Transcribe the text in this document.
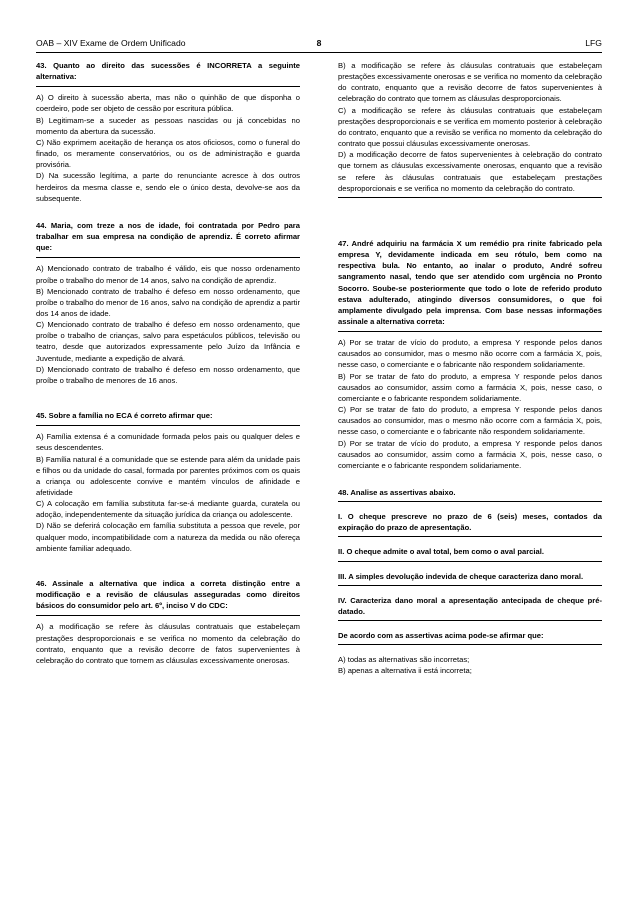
OAB – XIV Exame de Ordem Unificado	8	LFG
43. Quanto ao direito das sucessões é INCORRETA a seguinte alternativa:

A) O direito à sucessão aberta, mas não o quinhão de que disponha o coerdeiro, pode ser objeto de cessão por escritura pública.

B) Legitimam-se a suceder as pessoas nascidas ou já concebidas no momento da abertura da sucessão.

C) Não exprimem aceitação de herança os atos oficiosos, como o funeral do finado, os meramente conservatórios, ou os de administração e guarda provisória.

D) Na sucessão legítima, a parte do renunciante acresce à dos outros herdeiros da mesma classe e, sendo ele o único desta, devolve-se aos da subsequente.

44. Maria, com treze a nos de idade, foi contratada por Pedro para trabalhar em sua empresa na condição de aprendiz. É correto afirmar que:

A) Mencionado contrato de trabalho é válido, eis que nosso ordenamento proíbe o trabalho do menor de 14 anos, salvo na condição de aprendiz.

B) Mencionado contrato de trabalho é defeso em nosso ordenamento, que proíbe o trabalho do menor de 16 anos, salvo na condição de aprendiz a partir dos 14 anos de idade.

C) Mencionado contrato de trabalho é defeso em nosso ordenamento, que proíbe o trabalho de crianças, salvo para espetáculos públicos, televisão ou teatro, desde que autorizados expressamente pelo Juízo da Infância e Juventude, mediante a expedição de alvará.

D) Mencionado contrato de trabalho é defeso em nosso ordenamento, que proíbe o trabalho de menores de 16 anos.

45. Sobre a família no ECA é correto afirmar que:

A) Família extensa é a comunidade formada pelos pais ou qualquer deles e seus descendentes.

B) Família natural é a comunidade que se estende para além da unidade pais e filhos ou da unidade do casal, formada por parentes próximos com os quais a criança ou adolescente convive e mantém vínculos de afinidade e afetividade

C) A colocação em família substituta far-se-á mediante guarda, curatela ou adoção, independentemente da situação jurídica da criança ou adolescente.

D) Não se deferirá colocação em família substituta a pessoa que revele, por qualquer modo, incompatibilidade com a natureza da medida ou não ofereça ambiente familiar adequado.

46. Assinale a alternativa que indica a correta distinção entre a modificação e a revisão de cláusulas asseguradas como direitos básicos do consumidor pelo art. 6º, inciso V do CDC:

A) a modificação se refere às cláusulas contratuais que estabeleçam prestações desproporcionais e se verifica no momento da celebração do contrato, enquanto que a revisão decorre de fatos supervenientes à celebração do contrato que tornem as cláusulas excessivamente onerosas.

B) a modificação se refere às cláusulas contratuais que estabeleçam prestações excessivamente onerosas e se verifica no momento da celebração do contrato, enquanto que a revisão decorre de fatos supervenientes à celebração do contrato que tornem as cláusulas desproporcionais.

C) a modificação se refere às cláusulas contratuais que estabeleçam prestações desproporcionais e se verifica em momento posterior à celebração do contrato, enquanto que a revisão se verifica no momento da celebração do contrato que possui cláusulas excessivamente onerosas.

D) a modificação decorre de fatos supervenientes à celebração do contrato que tornem as cláusulas excessivamente onerosas, enquanto que a revisão se refere às cláusulas contratuais que estabeleçam prestações desproporcionais e se verifica no momento da celebração do contrato.

47. André adquiriu na farmácia X um remédio pra rinite fabricado pela empresa Y, devidamente indicada em seu rótulo, bem como na respectiva bula. No entanto, ao inalar o produto, André sofreu sangramento nasal, tendo que ser atendido com urgência no Pronto Socorro. Soube-se posteriormente que todo o lote de referido produto estava adulterado, atingindo diversos consumidores, o que foi amplamente divulgado pela imprensa. Com base nessas informações assinale a alternativa correta:

A) Por se tratar de vício do produto, a empresa Y responde pelos danos causados ao consumidor, mas o mesmo não ocorre com a farmácia X, pois, nesse caso, o comerciante e o fabricante não respondem solidariamente.

B) Por se tratar de fato do produto, a empresa Y responde pelos danos causados ao consumidor, assim como a farmácia X, pois, nesse caso, o comerciante e o fabricante respondem solidariamente.

C) Por se tratar de fato do produto, a empresa Y responde pelos danos causados ao consumidor, mas o mesmo não ocorre com a farmácia X, pois, nesse caso, o comerciante e o fabricante não respondem solidariamente.

D) Por se tratar de vício do produto, a empresa Y responde pelos danos causados ao consumidor, assim como a farmácia X, pois, nesse caso, o comerciante e o fabricante respondem solidariamente.

48. Analise as assertivas abaixo.
I. O cheque prescreve no prazo de 6 (seis) meses, contados da expiração do prazo de apresentação.
II. O cheque admite o aval total, bem como o aval parcial.
III. A simples devolução indevida de cheque caracteriza dano moral.
IV. Caracteriza dano moral a apresentação antecipada de cheque pré-datado.
De acordo com as assertivas acima pode-se afirmar que:

A) todas as alternativas são incorretas;

B) apenas a alternativa ii está incorreta;
